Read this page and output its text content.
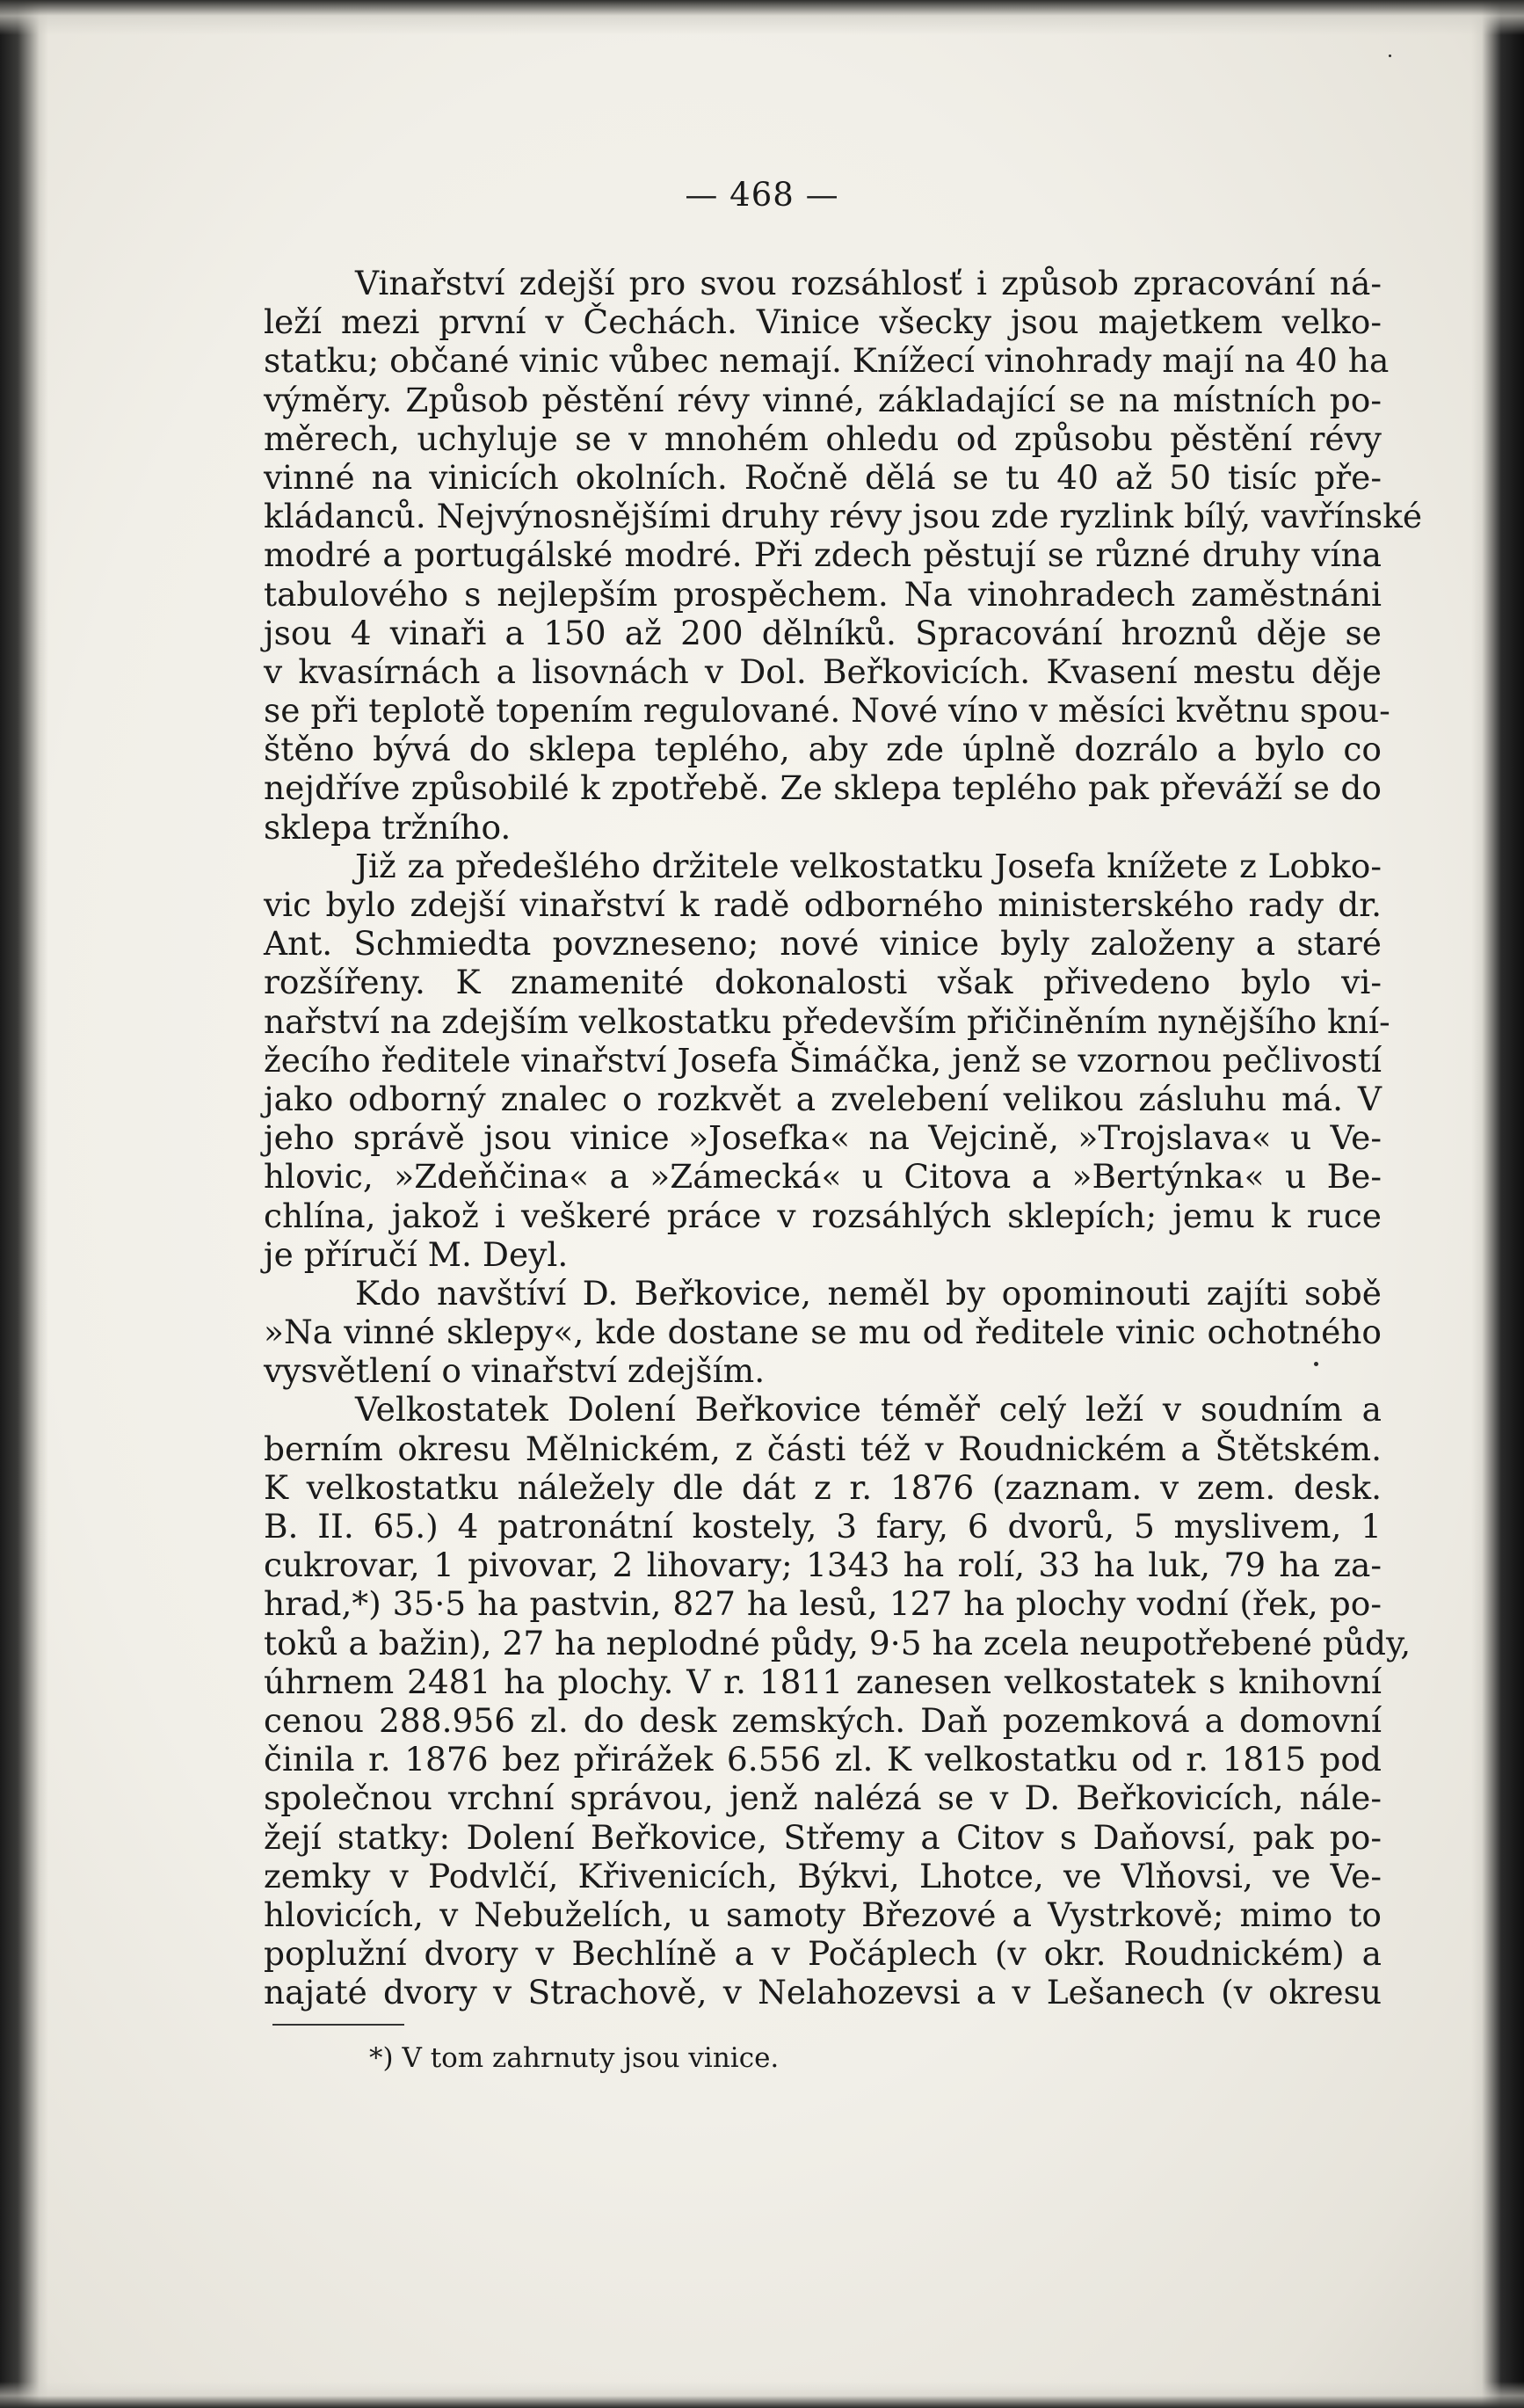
— 468 —
Vinařství zdejší pro svou rozsáhlosť i způsob zpracování ná-
leží mezi první v Čechách. Vinice všecky jsou majetkem velko-
statku; občané vinic vůbec nemají. Knížecí vinohrady mají na 40 ha
výměry. Způsob pěstění révy vinné, základající se na místních po-
měrech, uchyluje se v mnohém ohledu od způsobu pěstění révy
vinné na vinicích okolních. Ročně dělá se tu 40 až 50 tisíc pře-
kládanců. Nejvýnosnějšími druhy révy jsou zde ryzlink bílý, vavřínské
modré a portugálské modré. Při zdech pěstují se různé druhy vína
tabulového s nejlepším prospěchem. Na vinohradech zaměstnáni
jsou 4 vinaři a 150 až 200 dělníků. Spracování hroznů děje se
v kvasírnách a lisovnách v Dol. Beřkovicích. Kvasení mestu děje
se při teplotě topením regulované. Nové víno v měsíci květnu spou-
štěno bývá do sklepa teplého, aby zde úplně dozrálo a bylo co
nejdříve způsobilé k zpotřebě. Ze sklepa teplého pak převáží se do
sklepa tržního.
Již za předešlého držitele velkostatku Josefa knížete z Lobko-
vic bylo zdejší vinařství k radě odborného ministerského rady dr.
Ant. Schmiedta povzneseno; nové vinice byly založeny a staré
rozšířeny. K znamenité dokonalosti však přivedeno bylo vi-
nařství na zdejším velkostatku především přičiněním nynějšího kní-
žecího ředitele vinařství Josefa Šimáčka, jenž se vzornou pečlivostí
jako odborný znalec o rozkvět a zvelebení velikou zásluhu má. V
jeho správě jsou vinice »Josefka« na Vejcině, »Trojslava« u Ve-
hlovic, »Zdeňčina« a »Zámecká« u Citova a »Bertýnka« u Be-
chlína, jakož i veškeré práce v rozsáhlých sklepích; jemu k ruce
je příručí M. Deyl.
Kdo navštíví D. Beřkovice, neměl by opominouti zajíti sobě
»Na vinné sklepy«, kde dostane se mu od ředitele vinic ochotného
vysvětlení o vinařství zdejším.
Velkostatek Dolení Beřkovice téměř celý leží v soudním a
berním okresu Mělnickém, z části též v Roudnickém a Štětském.
K velkostatku náležely dle dát z r. 1876 (zaznam. v zem. desk.
B. II. 65.) 4 patronátní kostely, 3 fary, 6 dvorů, 5 myslivem, 1
cukrovar, 1 pivovar, 2 lihovary; 1343 ha rolí, 33 ha luk, 79 ha za-
hrad,*) 35·5 ha pastvin, 827 ha lesů, 127 ha plochy vodní (řek, po-
toků a bažin), 27 ha neplodné půdy, 9·5 ha zcela neupotřebené půdy,
úhrnem 2481 ha plochy. V r. 1811 zanesen velkostatek s knihovní
cenou 288.956 zl. do desk zemských. Daň pozemková a domovní
činila r. 1876 bez přirážek 6.556 zl. K velkostatku od r. 1815 pod
společnou vrchní správou, jenž nalézá se v D. Beřkovicích, nále-
žejí statky: Dolení Beřkovice, Střemy a Citov s Daňovsí, pak po-
zemky v Podvlčí, Křivenicích, Býkvi, Lhotce, ve Vlňovsi, ve Ve-
hlovicích, v Nebuželích, u samoty Březové a Vystrkově; mimo to
poplužní dvory v Bechlíně a v Počáplech (v okr. Roudnickém) a
najaté dvory v Strachově, v Nelahozevsi a v Lešanech (v okresu
*) V tom zahrnuty jsou vinice.
